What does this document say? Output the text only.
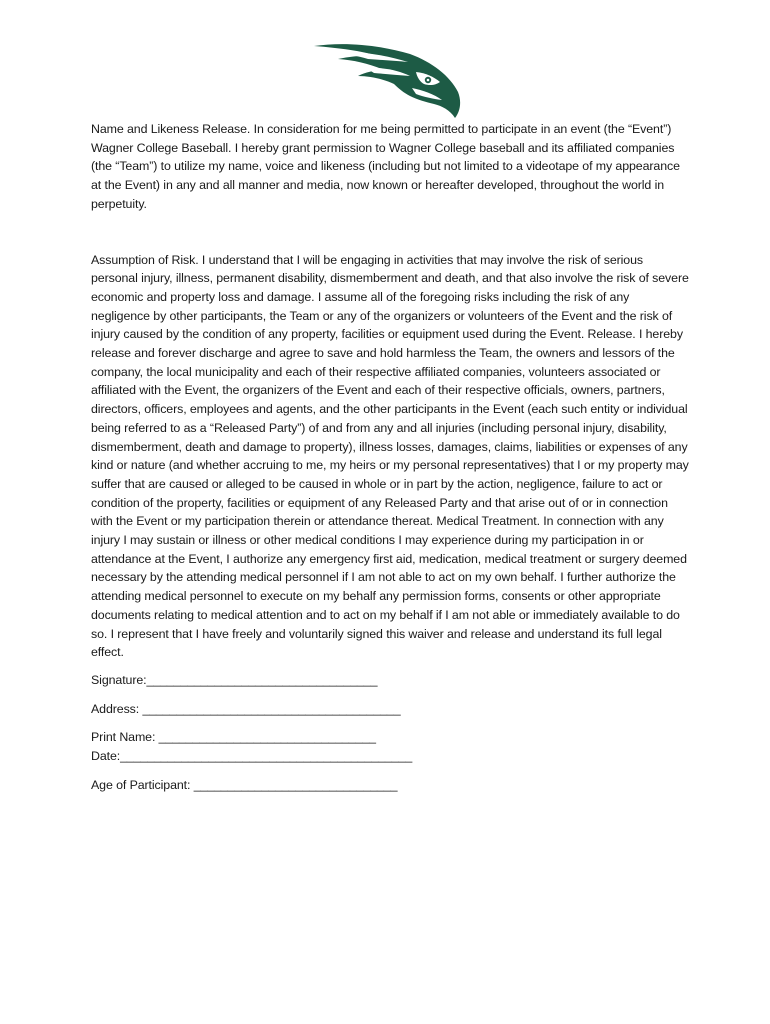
Name and Likeness Release. In consideration for me being permitted to participate in an event (the “Event”) Wagner College Baseball. I hereby grant permission to Wagner College baseball and its affiliated companies (the “Team”) to utilize my name, voice and likeness (including but not limited to a videotape of my appearance at the Event) in any and all manner and media, now known or hereafter developed, throughout the world in perpetuity.

Assumption of Risk. I understand that I will be engaging in activities that may involve the risk of serious personal injury, illness, permanent disability, dismemberment and death, and that also involve the risk of severe economic and property loss and damage. I assume all of the foregoing risks including the risk of any negligence by other participants, the Team or any of the organizers or volunteers of the Event and the risk of injury caused by the condition of any property, facilities or equipment used during the Event. Release. I hereby release and forever discharge and agree to save and hold harmless the Team, the owners and lessors of the company, the local municipality and each of their respective affiliated companies, volunteers associated or affiliated with the Event, the organizers of the Event and each of their respective officials, owners, partners, directors, officers, employees and agents, and the other participants in the Event (each such entity or individual being referred to as a “Released Party”) of and from any and all injuries (including personal injury, disability, dismemberment, death and damage to property), illness losses, damages, claims, liabilities or expenses of any kind or nature (and whether accruing to me, my heirs or my personal representatives) that I or my property may suffer that are caused or alleged to be caused in whole or in part by the action, negligence, failure to act or condition of the property, facilities or equipment of any Released Party and that arise out of or in connection with the Event or my participation therein or attendance thereat. Medical Treatment. In connection with any injury I may sustain or illness or other medical conditions I may experience during my participation in or attendance at the Event, I authorize any emergency first aid, medication, medical treatment or surgery deemed necessary by the attending medical personnel if I am not able to act on my own behalf. I further authorize the attending medical personnel to execute on my behalf any permission forms, consents or other appropriate documents relating to medical attention and to act on my behalf if I am not able or immediately available to do so. I represent that I have freely and voluntarily signed this waiver and release and understand its full legal effect.

Signature:__________________________________

Address: ______________________________________

Print Name: ________________________________

Date:___________________________________________

Age of Participant: ______________________________
